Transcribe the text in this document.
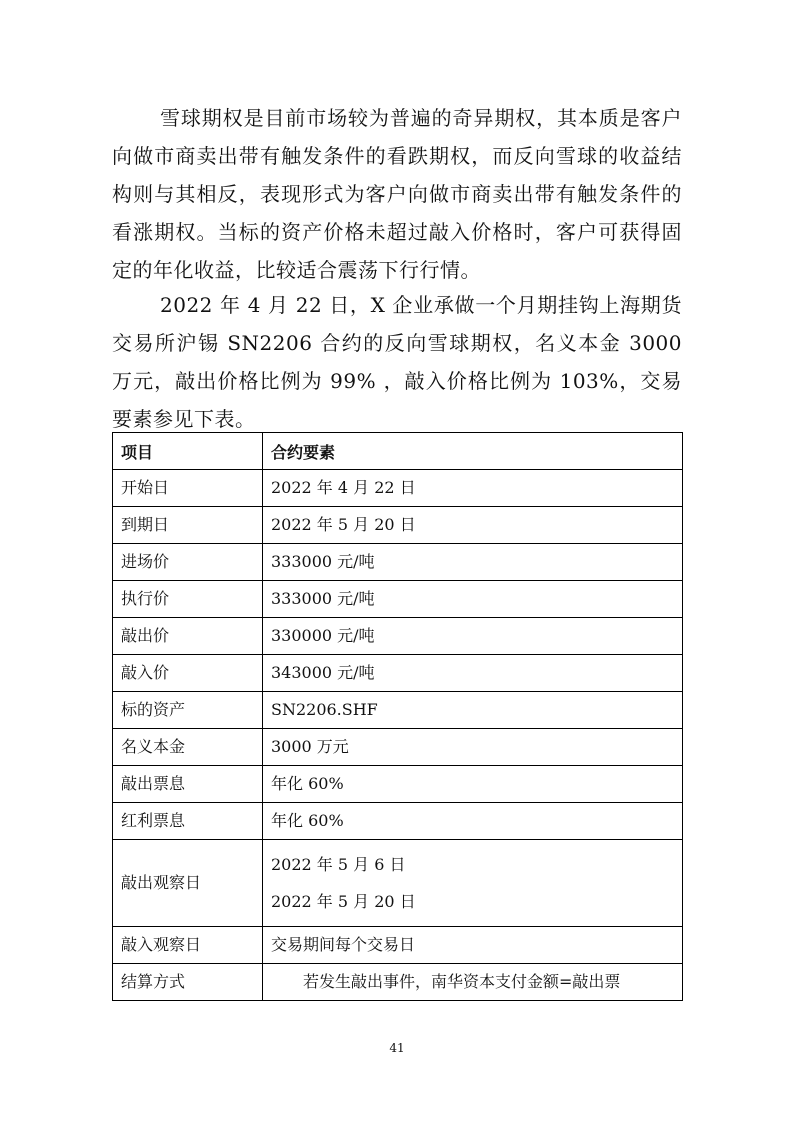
雪球期权是目前市场较为普遍的奇异期权，其本质是客户向做市商卖出带有触发条件的看跌期权，而反向雪球的收益结构则与其相反，表现形式为客户向做市商卖出带有触发条件的看涨期权。当标的资产价格未超过敲入价格时，客户可获得固定的年化收益，比较适合震荡下行行情。

2022 年 4 月 22 日，X 企业承做一个月期挂钩上海期货交易所沪锡 SN2206 合约的反向雪球期权，名义本金 3000 万元，敲出价格比例为 99% ，敲入价格比例为 103%，交易要素参见下表。

项目	合约要素
开始日	2022 年 4 月 22 日
到期日	2022 年 5 月 20 日
进场价	333000 元/吨
执行价	333000 元/吨
敲出价	330000 元/吨
敲入价	343000 元/吨
标的资产	SN2206.SHF
名义本金	3000 万元
敲出票息	年化 60%
红利票息	年化 60%
敲出观察日	2022 年 5 月 6 日
2022 年 5 月 20 日

敲入观察日	交易期间每个交易日
结算方式	若发生敲出事件，南华资本支付金额=敲出票
41
